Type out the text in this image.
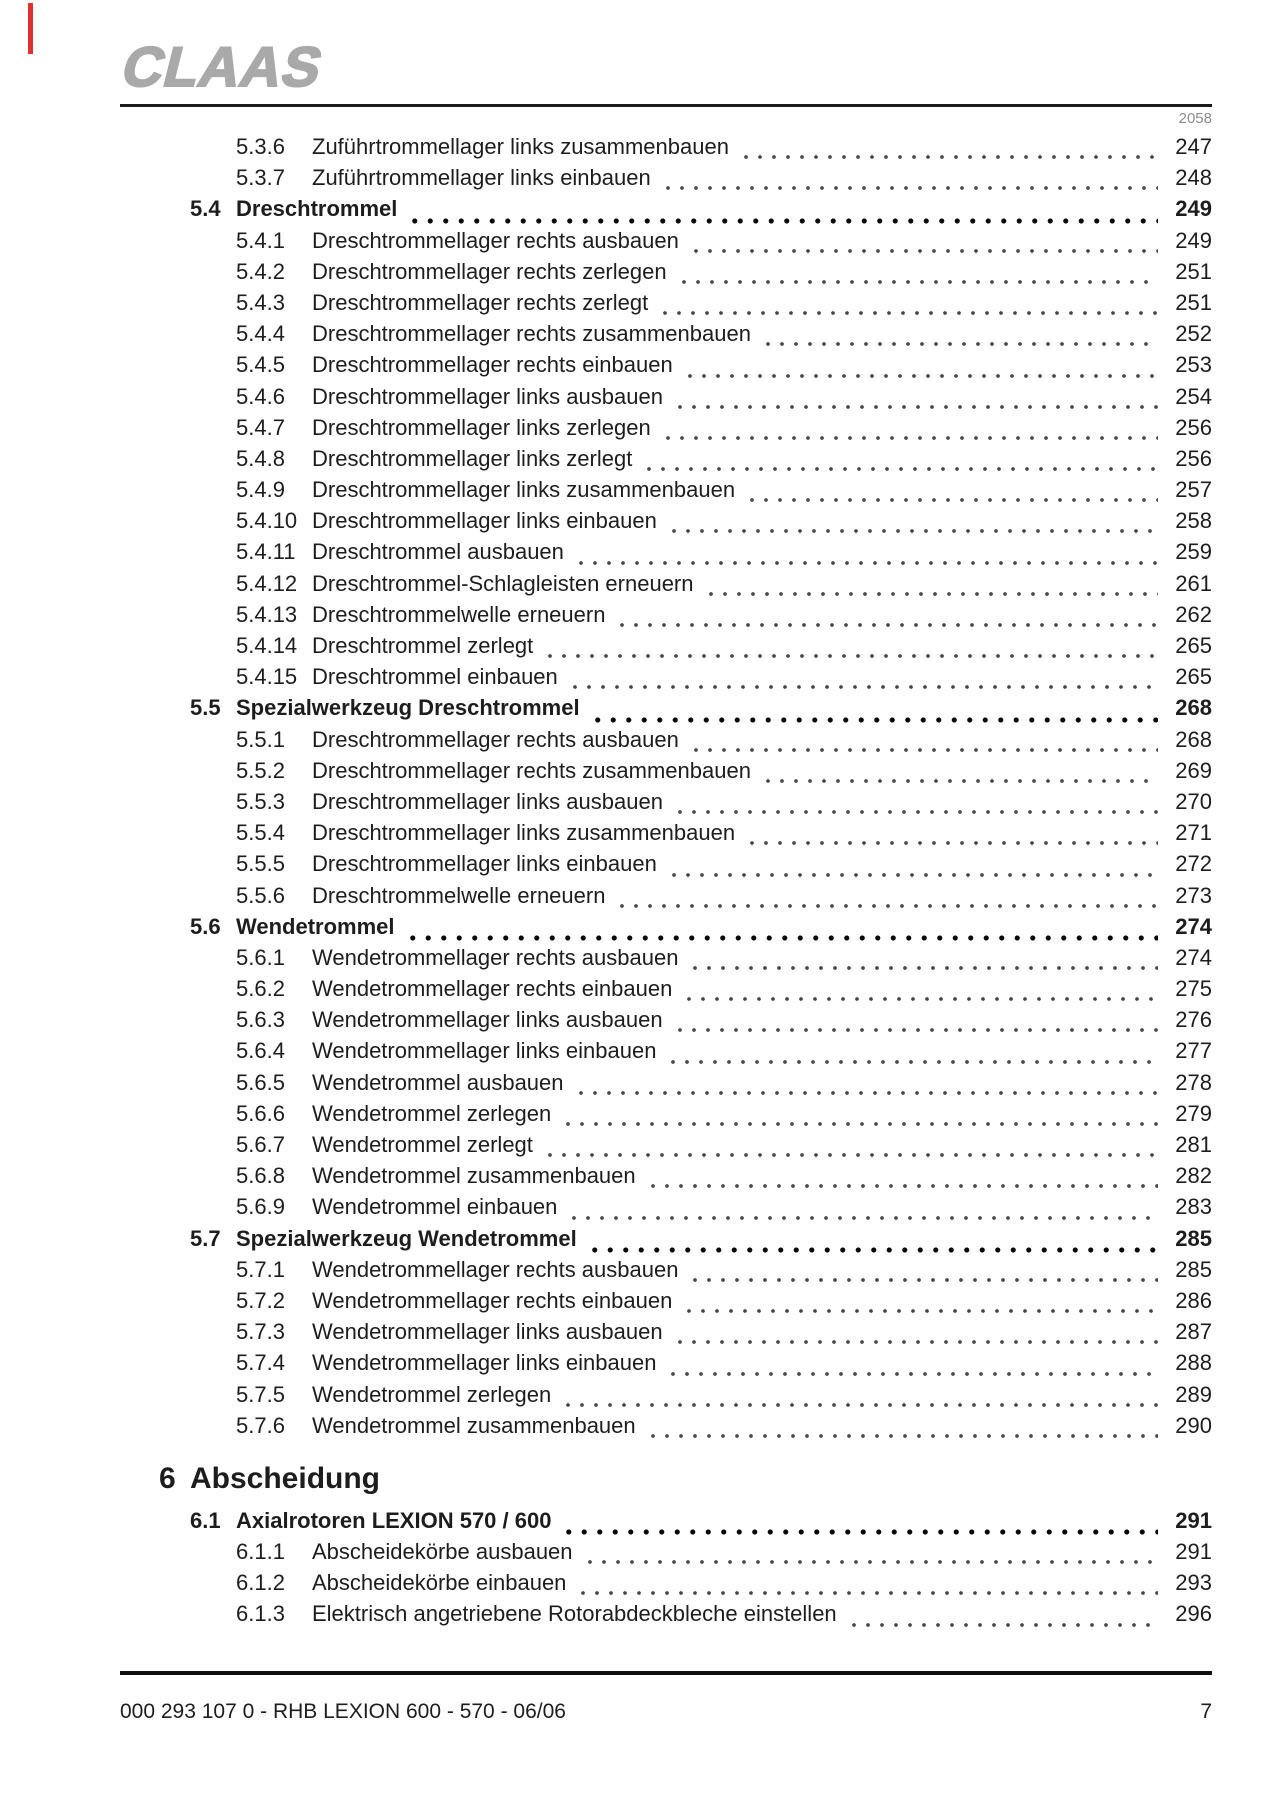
CLAAS
2058
5.3.6	Zuführtrommellager links zusammenbauen	247
5.3.7	Zuführtrommellager links einbauen	248
5.4 Dreschtrommel	249
5.4.1	Dreschtrommellager rechts ausbauen	249
5.4.2	Dreschtrommellager rechts zerlegen	251
5.4.3	Dreschtrommellager rechts zerlegt	251
5.4.4	Dreschtrommellager rechts zusammenbauen	252
5.4.5	Dreschtrommellager rechts einbauen	253
5.4.6	Dreschtrommellager links ausbauen	254
5.4.7	Dreschtrommellager links zerlegen	256
5.4.8	Dreschtrommellager links zerlegt	256
5.4.9	Dreschtrommellager links zusammenbauen	257
5.4.10 Dreschtrommellager links einbauen	258
5.4.11 Dreschtrommel ausbauen	259
5.4.12 Dreschtrommel-Schlagleisten erneuern	261
5.4.13 Dreschtrommelwelle erneuern	262
5.4.14 Dreschtrommel zerlegt	265
5.4.15 Dreschtrommel einbauen	265
5.5 Spezialwerkzeug Dreschtrommel	268
5.5.1	Dreschtrommellager rechts ausbauen	268
5.5.2	Dreschtrommellager rechts zusammenbauen	269
5.5.3	Dreschtrommellager links ausbauen	270
5.5.4	Dreschtrommellager links zusammenbauen	271
5.5.5	Dreschtrommellager links einbauen	272
5.5.6	Dreschtrommelwelle erneuern	273
5.6 Wendetrommel	274
5.6.1	Wendetrommellager rechts ausbauen	274
5.6.2	Wendetrommellager rechts einbauen	275
5.6.3	Wendetrommellager links ausbauen	276
5.6.4	Wendetrommellager links einbauen	277
5.6.5	Wendetrommel ausbauen	278
5.6.6	Wendetrommel zerlegen	279
5.6.7	Wendetrommel zerlegt	281
5.6.8	Wendetrommel zusammenbauen	282
5.6.9	Wendetrommel einbauen	283
5.7 Spezialwerkzeug Wendetrommel	285
5.7.1	Wendetrommellager rechts ausbauen	285
5.7.2	Wendetrommellager rechts einbauen	286
5.7.3	Wendetrommellager links ausbauen	287
5.7.4	Wendetrommellager links einbauen	288
5.7.5	Wendetrommel zerlegen	289
5.7.6	Wendetrommel zusammenbauen	290
6 Abscheidung
6.1 Axialrotoren LEXION 570 / 600	291
6.1.1	Abscheidekörbe ausbauen	291
6.1.2	Abscheidekörbe einbauen	293
6.1.3	Elektrisch angetriebene Rotorabdeckbleche einstellen	296
000 293 107 0 - RHB LEXION 600 - 570 - 06/06	7
